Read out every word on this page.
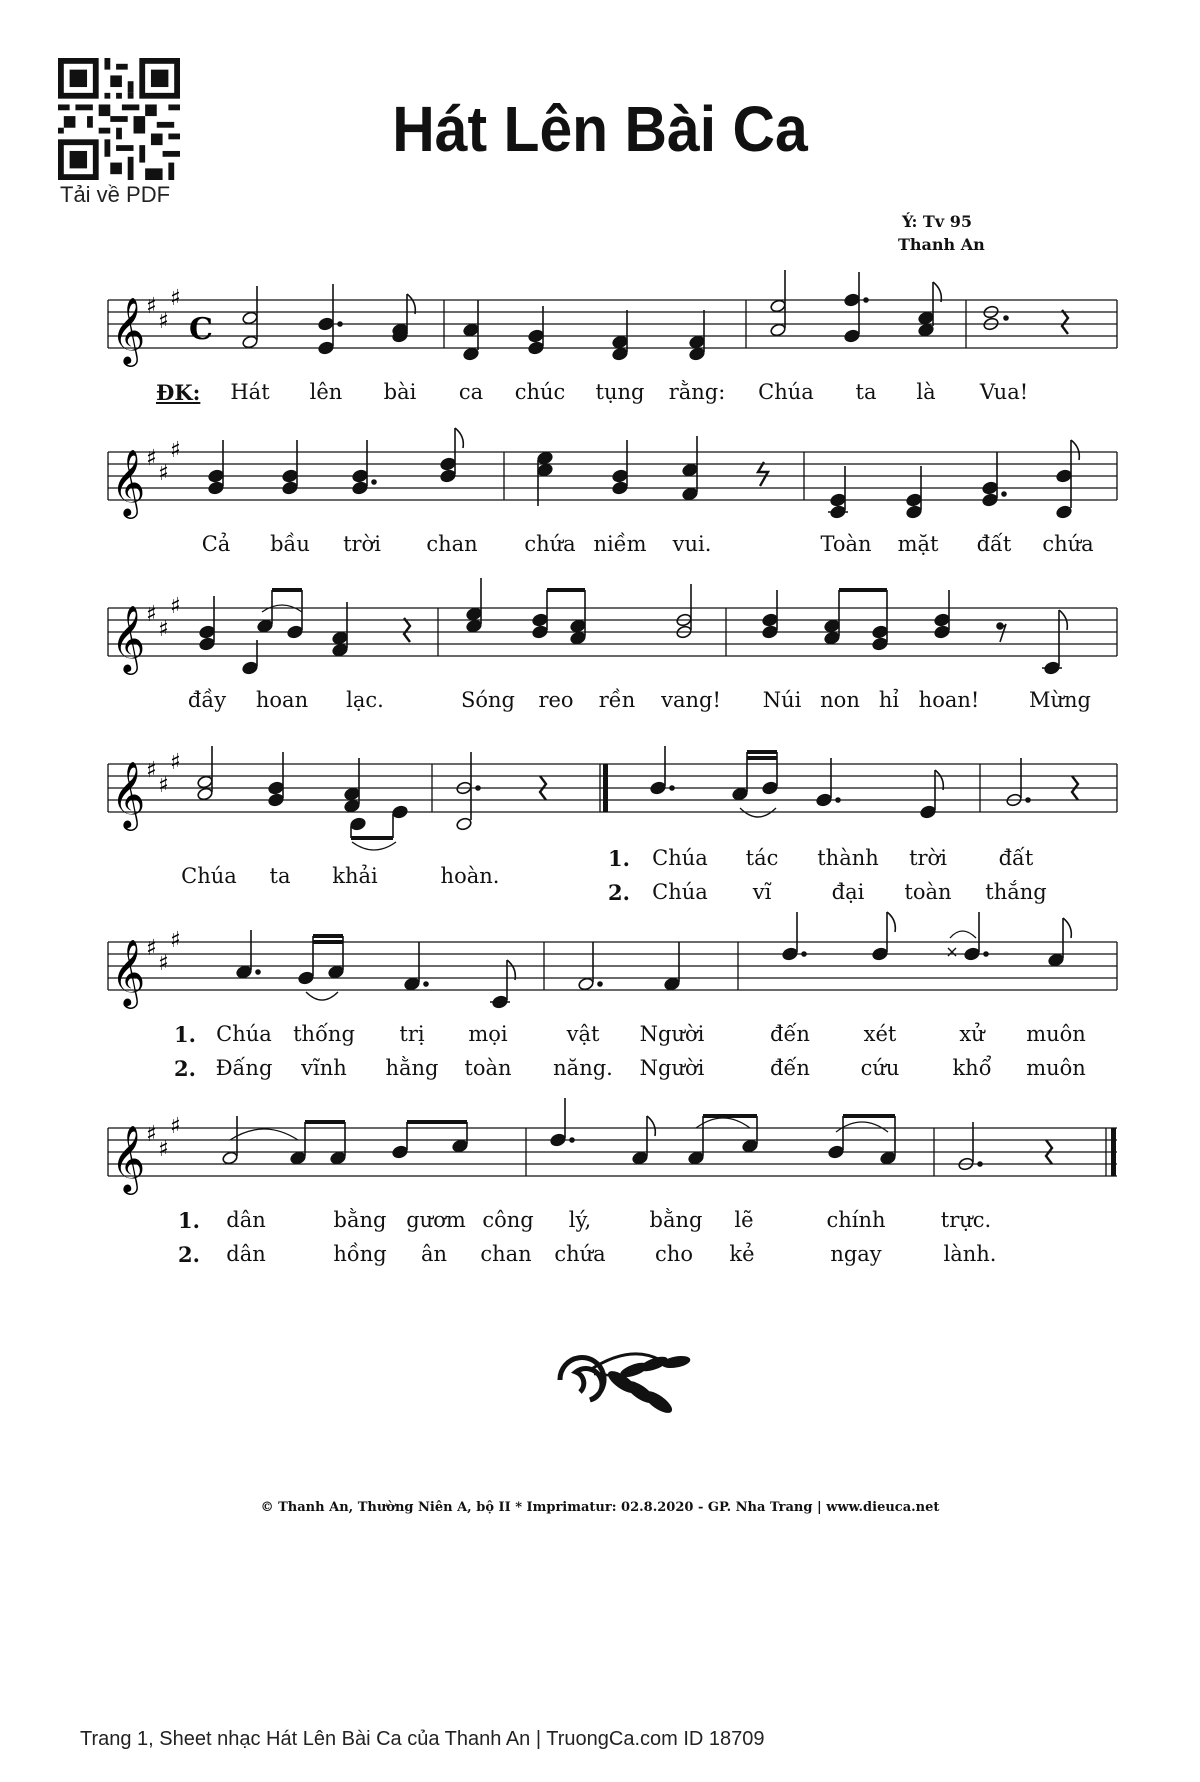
Tải về PDF
Hát Lên Bài Ca
Ý: Tv 95
Thanh An
𝄞 ♯
♯
♯
C
ĐK: Hát lên bài ca chúc tụng rằng: Chúa ta là Vua!
𝄞 ♯
♯
♯
Cả bầu trời chan chứa niềm vui.	Toàn mặt đất chứa
𝄞 ♯
♯
♯
đầy hoan lạc.	Sóng reo rền vang! Núi non hỉ hoan! Mừng
𝄞 ♯
♯
♯
Chúa ta khải	hoàn.
1. Chúa tác thành trời đất
2. Chúa vĩ	đại toàn thắng
𝄞 ♯
♯
♯
1. Chúa thống trị mọi	vật Người	đến	xét	xử muôn
2. Đấng vĩnh hằng toàn năng. Người	đến cứu	khổ muôn
𝄞 ♯
♯
♯
1. dân	bằng gươm công lý,	bằng lẽ	chính	trực.
2. dân	hồng ân chan chứa cho kẻ	ngay	lành.
© Thanh An, Thường Niên A, bộ II * Imprimatur: 02.8.2020 - GP. Nha Trang | www.dieuca.net
Trang 1, Sheet nhạc Hát Lên Bài Ca của Thanh An | TruongCa.com ID 18709
